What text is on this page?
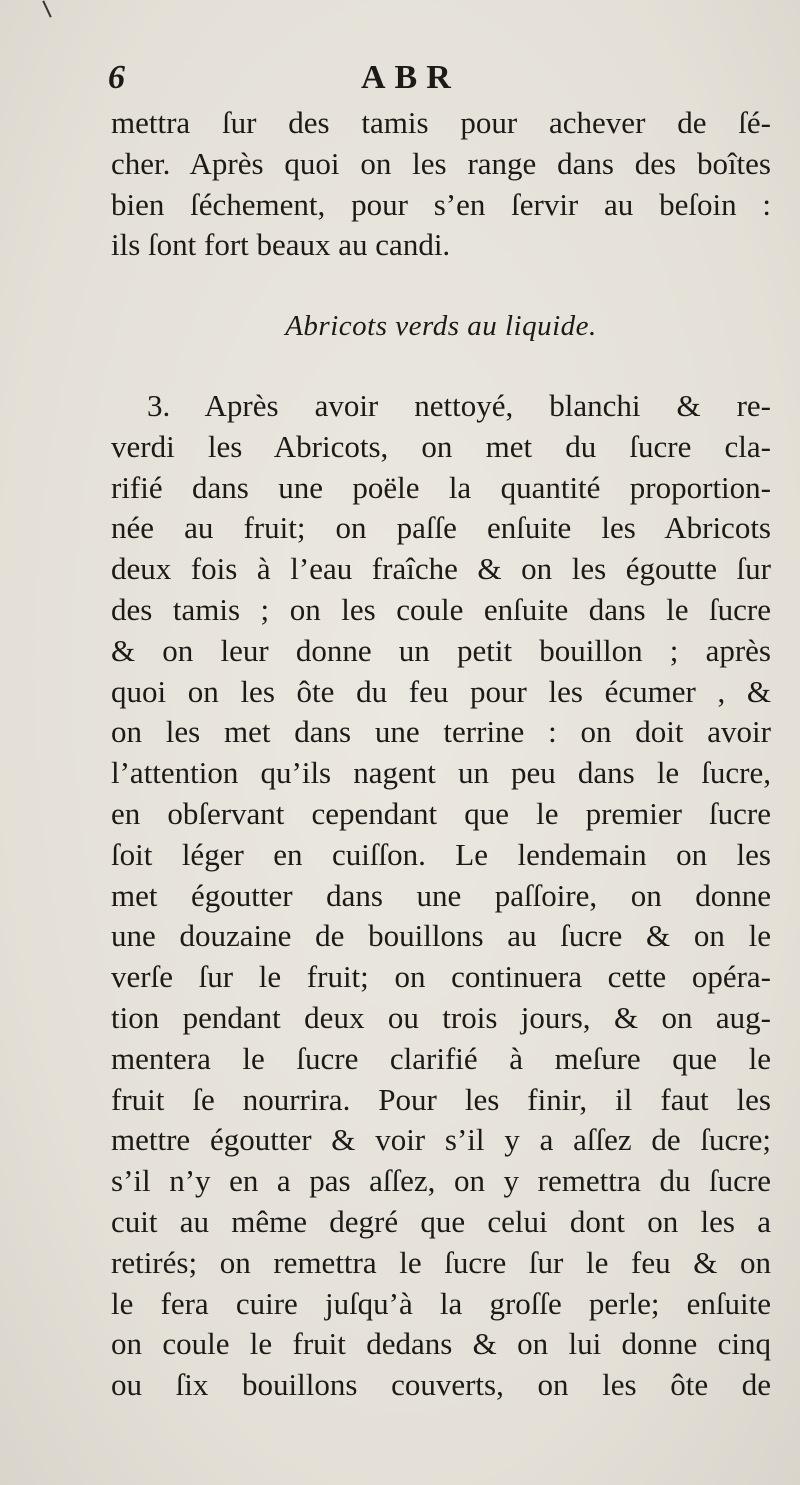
6	ABR
mettra ſur des tamis pour achever de ſé-
cher. Après quoi on les range dans des boîtes
bien ſéchement, pour s’en ſervir au beſoin :
ils ſont fort beaux au candi.
Abricots verds au liquide.
3. Après avoir nettoyé, blanchi & re-
verdi les Abricots, on met du ſucre cla-
rifié dans une poële la quantité proportion-
née au fruit; on paſſe enſuite les Abricots
deux fois à l’eau fraîche & on les égoutte ſur
des tamis ; on les coule enſuite dans le ſucre
& on leur donne un petit bouillon ; après
quoi on les ôte du feu pour les écumer , &
on les met dans une terrine : on doit avoir
l’attention qu’ils nagent un peu dans le ſucre,
en obſervant cependant que le premier ſucre
ſoit léger en cuiſſon. Le lendemain on les
met égoutter dans une paſſoire, on donne
une douzaine de bouillons au ſucre & on le
verſe ſur le fruit; on continuera cette opéra-
tion pendant deux ou trois jours, & on aug-
mentera le ſucre clarifié à meſure que le
fruit ſe nourrira. Pour les finir, il faut les
mettre égoutter & voir s’il y a aſſez de ſucre;
s’il n’y en a pas aſſez, on y remettra du ſucre
cuit au même degré que celui dont on les a
retirés; on remettra le ſucre ſur le feu & on
le fera cuire juſqu’à la groſſe perle; enſuite
on coule le fruit dedans & on lui donne cinq
ou ſix bouillons couverts, on les ôte de
